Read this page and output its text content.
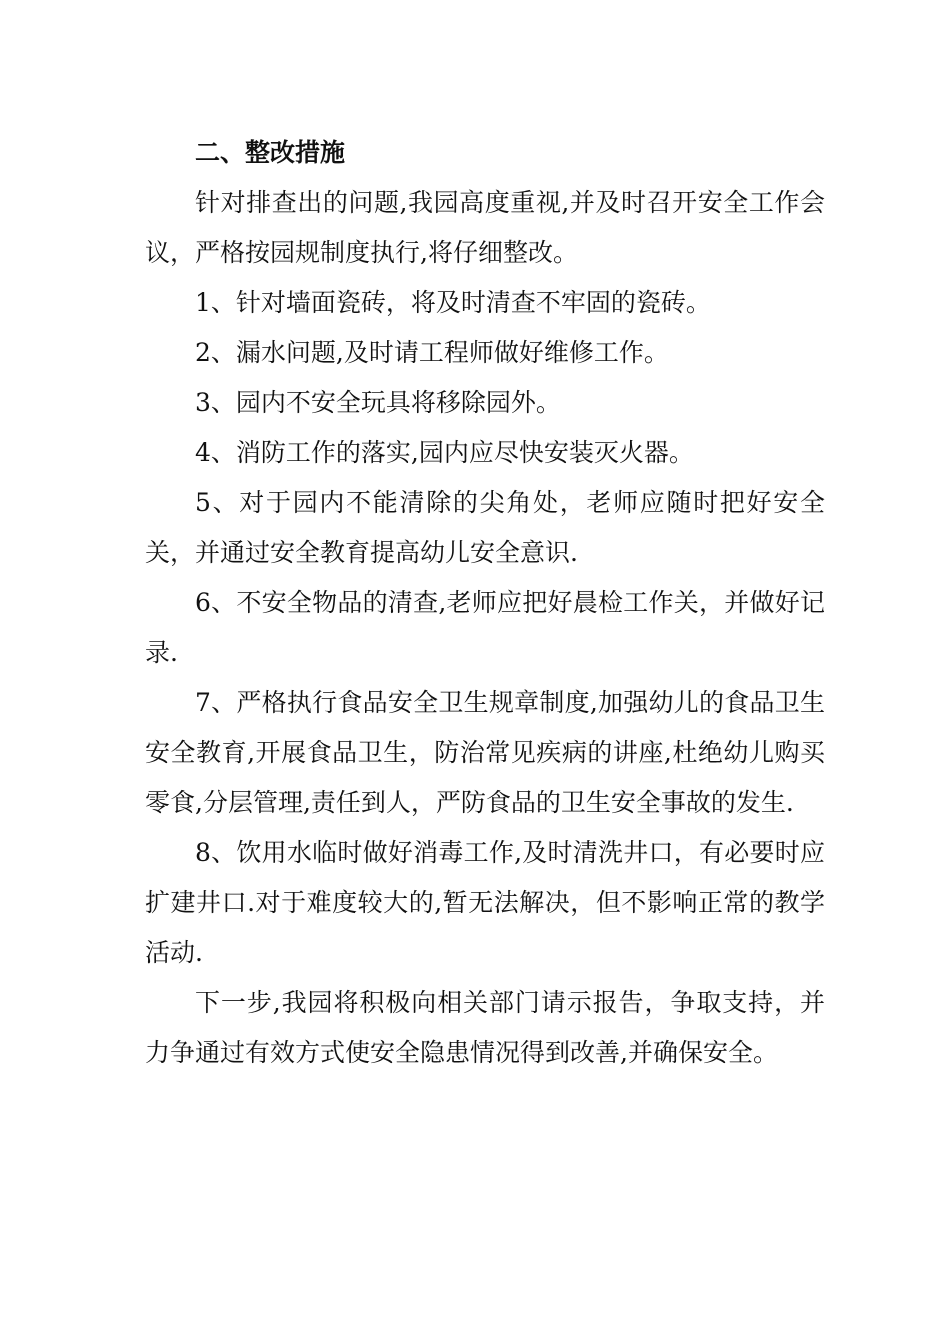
二、整改措施

针对排查出的问题,我园高度重视,并及时召开安全工作会议，严格按园规制度执行,将仔细整改。

1、针对墙面瓷砖，将及时清查不牢固的瓷砖。

2、漏水问题,及时请工程师做好维修工作。

3、园内不安全玩具将移除园外。

4、消防工作的落实,园内应尽快安装灭火器。

5、对于园内不能清除的尖角处，老师应随时把好安全关，并通过安全教育提高幼儿安全意识.

6、不安全物品的清查,老师应把好晨检工作关，并做好记录.

7、严格执行食品安全卫生规章制度,加强幼儿的食品卫生安全教育,开展食品卫生，防治常见疾病的讲座,杜绝幼儿购买零食,分层管理,责任到人，严防食品的卫生安全事故的发生.

8、饮用水临时做好消毒工作,及时清洗井口，有必要时应扩建井口.对于难度较大的,暂无法解决，但不影响正常的教学活动.

下一步,我园将积极向相关部门请示报告，争取支持，并力争通过有效方式使安全隐患情况得到改善,并确保安全。
